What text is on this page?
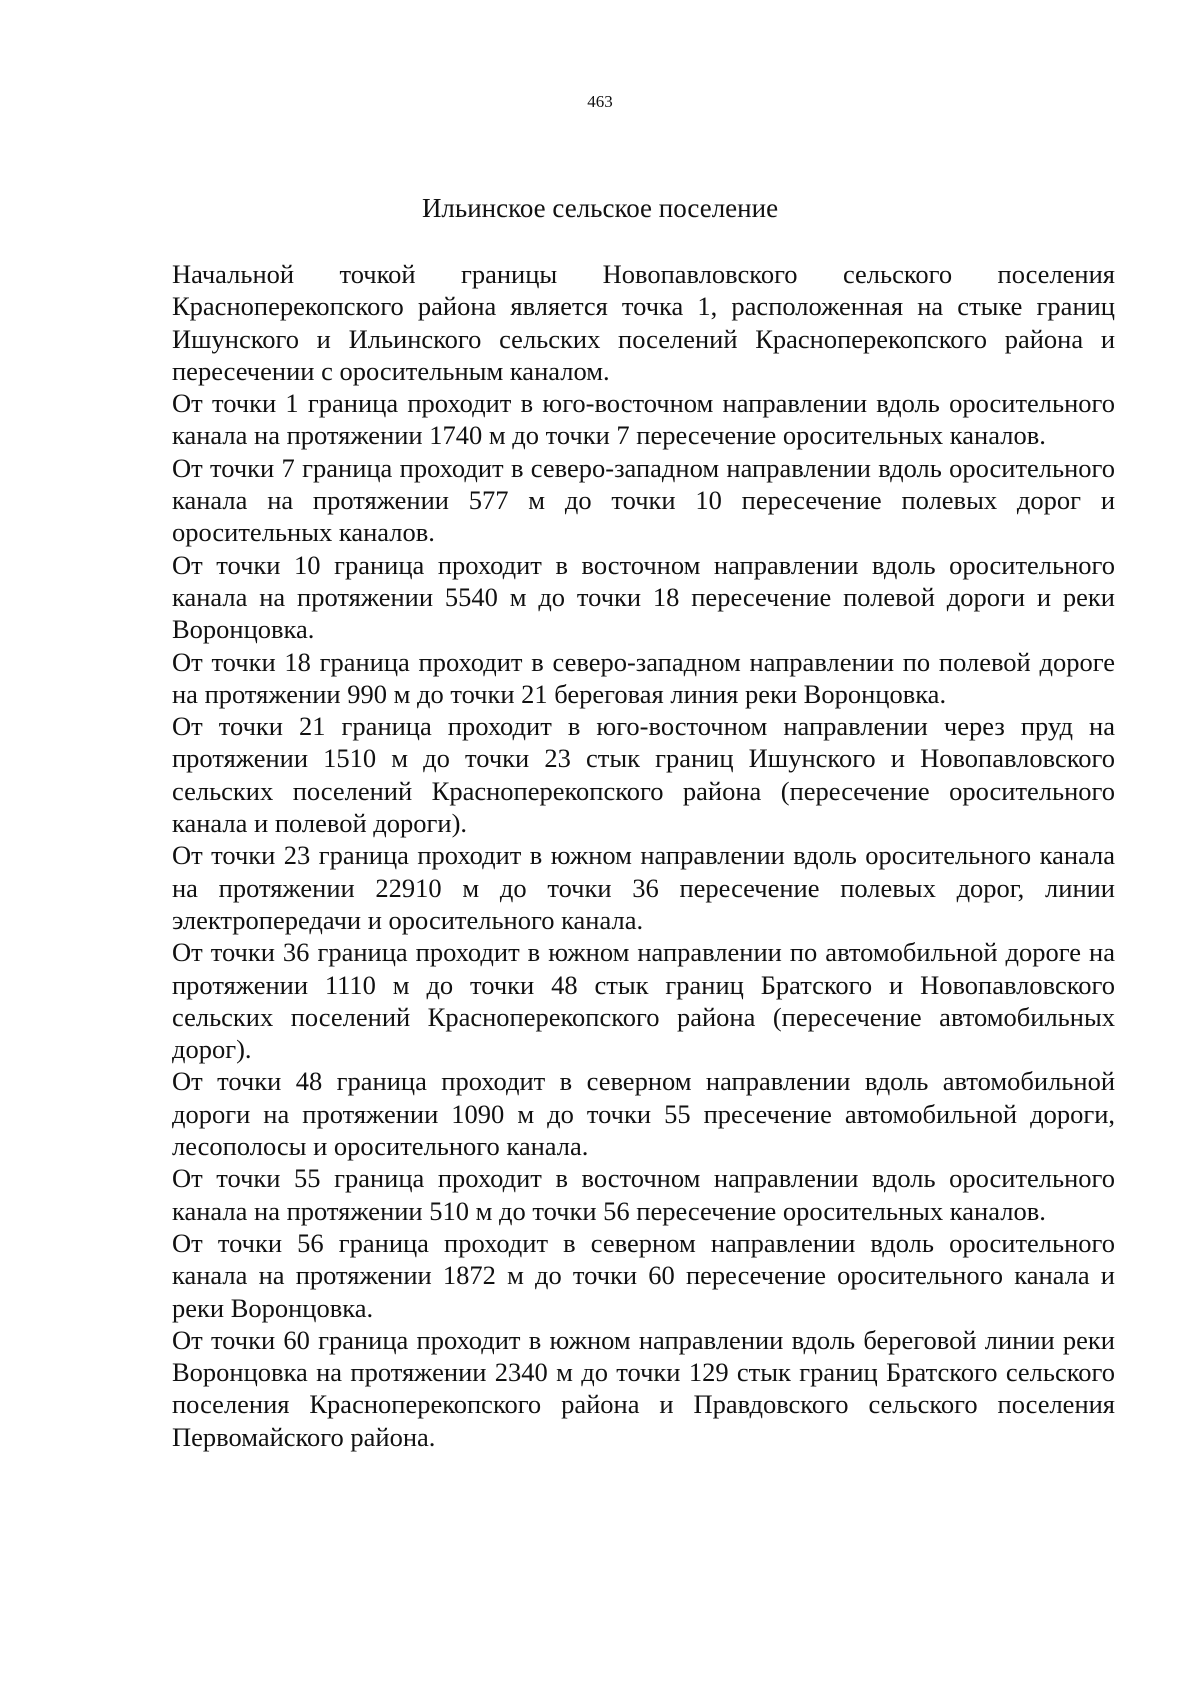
463
Ильинское сельское поселение

Начальной точкой границы Новопавловского сельского поселения Красноперекопского района является точка 1, расположенная на стыке границ Ишунского и Ильинского сельских поселений Красноперекопского района и пересечении с оросительным каналом.

От точки 1 граница проходит в юго-восточном направлении вдоль оросительного канала на протяжении 1740 м до точки 7 пересечение оросительных каналов.

От точки 7 граница проходит в северо-западном направлении вдоль оросительного канала на протяжении 577 м до точки 10 пересечение полевых дорог и оросительных каналов.

От точки 10 граница проходит в восточном направлении вдоль оросительного канала на протяжении 5540 м до точки 18 пересечение полевой дороги и реки Воронцовка.

От точки 18 граница проходит в северо-западном направлении по полевой дороге на протяжении 990 м до точки 21 береговая линия реки Воронцовка.

От точки 21 граница проходит в юго-восточном направлении через пруд на протяжении 1510 м до точки 23 стык границ Ишунского и Новопавловского сельских поселений Красноперекопского района (пересечение оросительного канала и полевой дороги).

От точки 23 граница проходит в южном направлении вдоль оросительного канала на протяжении 22910 м до точки 36 пересечение полевых дорог, линии электропередачи и оросительного канала.

От точки 36 граница проходит в южном направлении по автомобильной дороге на протяжении 1110 м до точки 48 стык границ Братского и Новопавловского сельских поселений Красноперекопского района (пересечение автомобильных дорог).

От точки 48 граница проходит в северном направлении вдоль автомобильной дороги на протяжении 1090 м до точки 55 пресечение автомобильной дороги, лесополосы и оросительного канала.

От точки 55 граница проходит в восточном направлении вдоль оросительного канала на протяжении 510 м до точки 56 пересечение оросительных каналов.

От точки 56 граница проходит в северном направлении вдоль оросительного канала на протяжении 1872 м до точки 60 пересечение оросительного канала и реки Воронцовка.

От точки 60 граница проходит в южном направлении вдоль береговой линии реки Воронцовка на протяжении 2340 м до точки 129 стык границ Братского сельского поселения Красноперекопского района и Правдовского сельского поселения Первомайского района.
